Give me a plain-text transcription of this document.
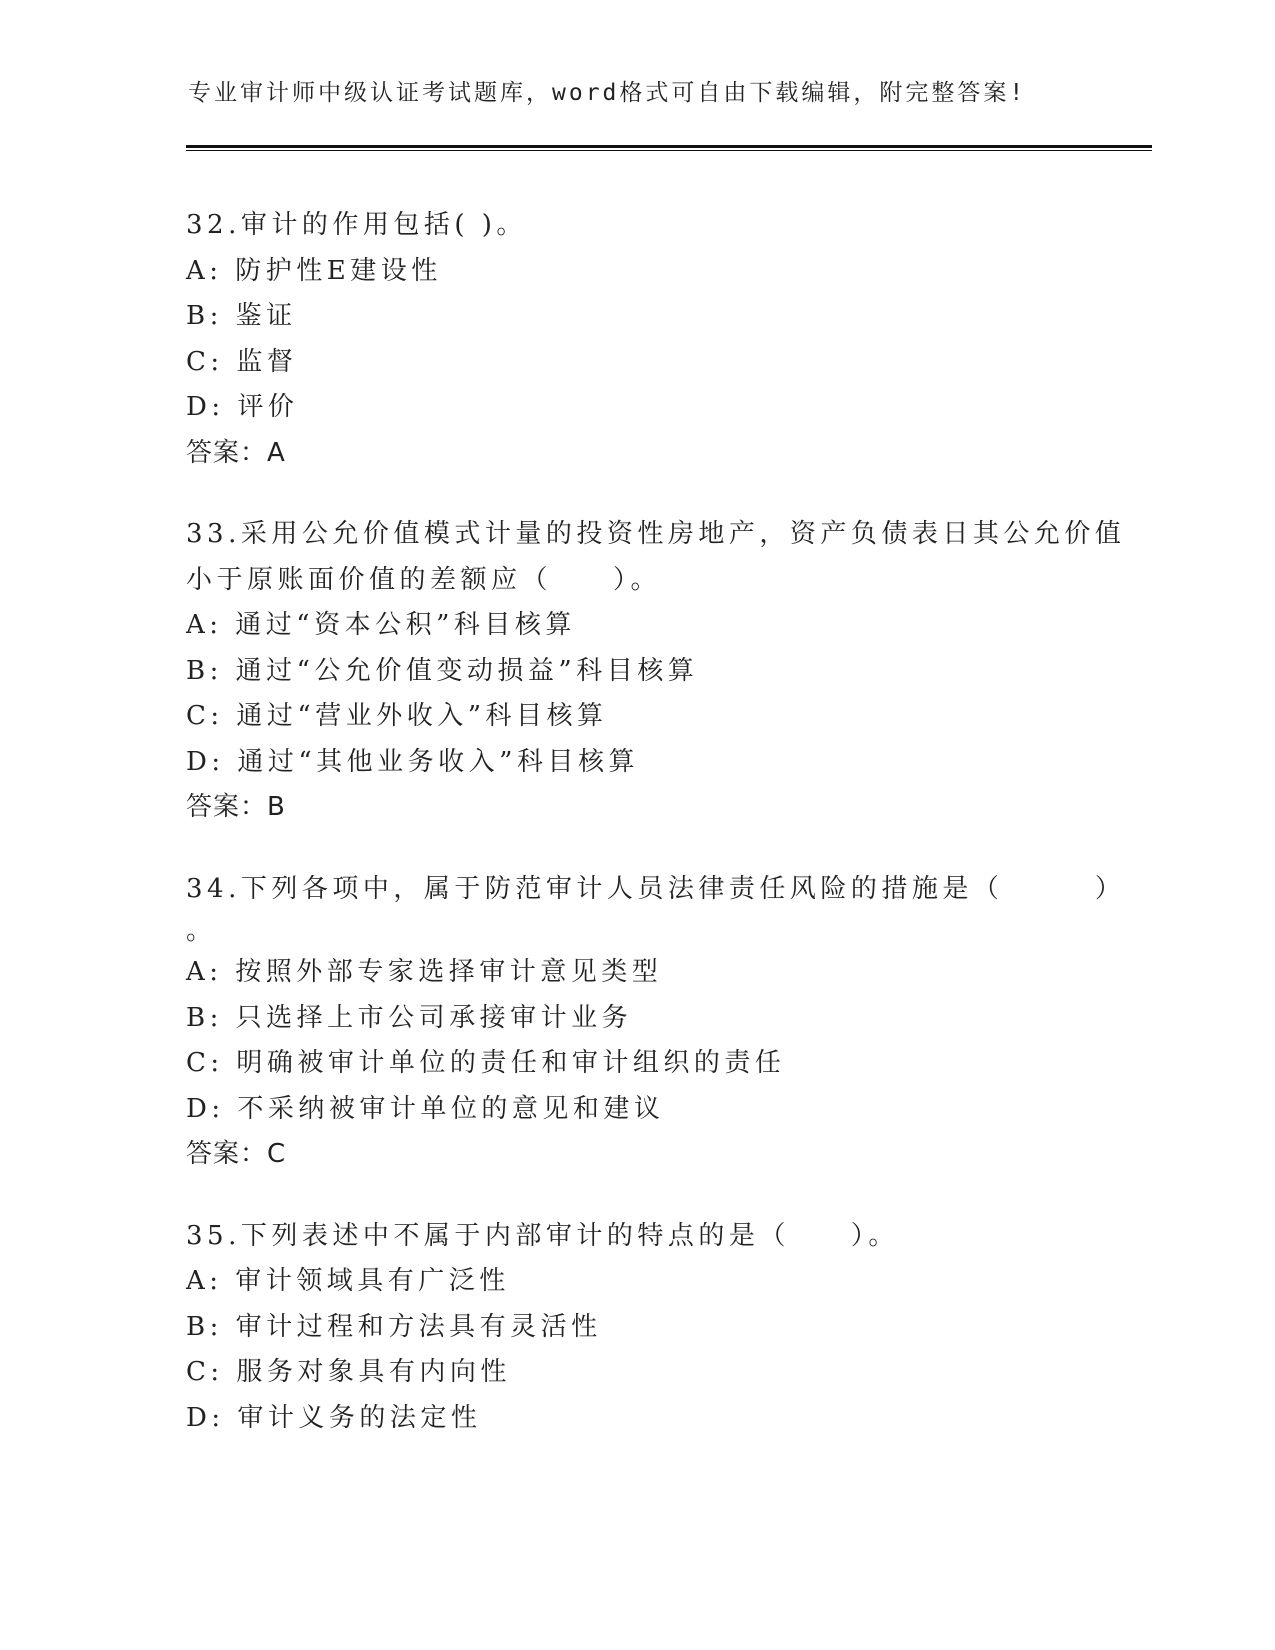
专业审计师中级认证考试题库，word格式可自由下载编辑，附完整答案!
32.审计的作用包括( )。
A: 防护性E建设性
B: 鉴证
C: 监督
D: 评价
答案：A
33.采用公允价值模式计量的投资性房地产，资产负债表日其公允价值
小于原账面价值的差额应（　　）。
A: 通过“资本公积”科目核算
B: 通过“公允价值变动损益”科目核算
C: 通过“营业外收入”科目核算
D: 通过“其他业务收入”科目核算
答案：B
34.下列各项中，属于防范审计人员法律责任风险的措施是（　　　）
。
A: 按照外部专家选择审计意见类型
B: 只选择上市公司承接审计业务
C: 明确被审计单位的责任和审计组织的责任
D: 不采纳被审计单位的意见和建议
答案：C
35.下列表述中不属于内部审计的特点的是（　　）。
A: 审计领域具有广泛性
B: 审计过程和方法具有灵活性
C: 服务对象具有内向性
D: 审计义务的法定性
